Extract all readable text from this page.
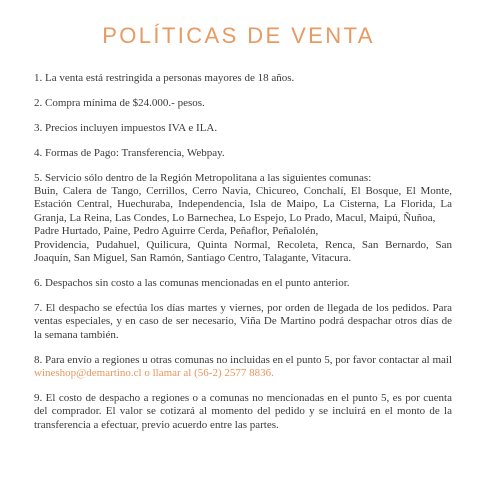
POLÍTICAS DE VENTA
1. La venta está restringida a personas mayores de 18 años.
2. Compra mínima de $24.000.- pesos.
3. Precios incluyen impuestos IVA e ILA.
4. Formas de Pago: Transferencia, Webpay.
5. Servicio sólo dentro de la Región Metropolitana a las siguientes comunas:
Buin, Calera de Tango, Cerrillos, Cerro Navia, Chicureo, Conchalí, El Bosque, El Monte, Estación Central, Huechuraba, Independencia, Isla de Maipo, La Cisterna, La Florida, La Granja, La Reina, Las Condes, Lo Barnechea, Lo Espejo, Lo Prado, Macul, Maipú, Ñuñoa,
Padre Hurtado, Paine, Pedro Aguirre Cerda, Peñaflor, Peñalolén,
Providencia, Pudahuel, Quilicura, Quinta Normal, Recoleta, Renca, San Bernardo, San Joaquín, San Miguel, San Ramón, Santiago Centro, Talagante, Vitacura.
6. Despachos sin costo a las comunas mencionadas en el punto anterior.
7. El despacho se efectúa los días martes y viernes, por orden de llegada de los pedidos. Para ventas especiales, y en caso de ser necesario, Viña De Martino podrá despachar otros días de la semana también.
8. Para envío a regiones u otras comunas no incluidas en el punto 5, por favor contactar al mail wineshop@demartino.cl o llamar al (56-2) 2577 8836.
9. El costo de despacho a regiones o a comunas no mencionadas en el punto 5, es por cuenta del comprador. El valor se cotizará al momento del pedido y se incluirá en el monto de la transferencia a efectuar, previo acuerdo entre las partes.
